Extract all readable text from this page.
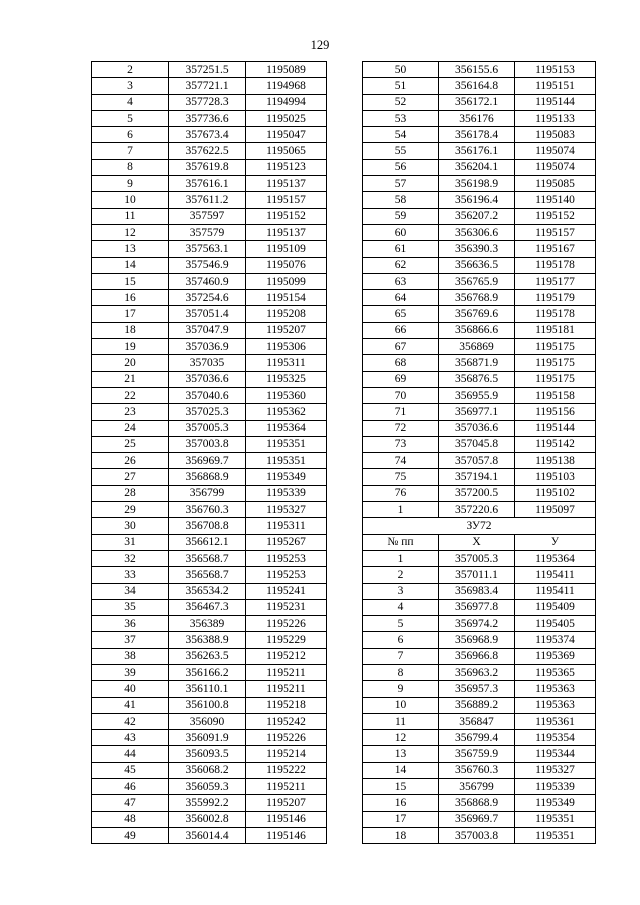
129
2	357251.5	1195089
3	357721.1	1194968
4	357728.3	1194994
5	357736.6	1195025
6	357673.4	1195047
7	357622.5	1195065
8	357619.8	1195123
9	357616.1	1195137
10	357611.2	1195157
11	357597	1195152
12	357579	1195137
13	357563.1	1195109
14	357546.9	1195076
15	357460.9	1195099
16	357254.6	1195154
17	357051.4	1195208
18	357047.9	1195207
19	357036.9	1195306
20	357035	1195311
21	357036.6	1195325
22	357040.6	1195360
23	357025.3	1195362
24	357005.3	1195364
25	357003.8	1195351
26	356969.7	1195351
27	356868.9	1195349
28	356799	1195339
29	356760.3	1195327
30	356708.8	1195311
31	356612.1	1195267
32	356568.7	1195253
33	356568.7	1195253
34	356534.2	1195241
35	356467.3	1195231
36	356389	1195226
37	356388.9	1195229
38	356263.5	1195212
39	356166.2	1195211
40	356110.1	1195211
41	356100.8	1195218
42	356090	1195242
43	356091.9	1195226
44	356093.5	1195214
45	356068.2	1195222
46	356059.3	1195211
47	355992.2	1195207
48	356002.8	1195146
49	356014.4	1195146
50	356155.6	1195153
51	356164.8	1195151
52	356172.1	1195144
53	356176	1195133
54	356178.4	1195083
55	356176.1	1195074
56	356204.1	1195074
57	356198.9	1195085
58	356196.4	1195140
59	356207.2	1195152
60	356306.6	1195157
61	356390.3	1195167
62	356636.5	1195178
63	356765.9	1195177
64	356768.9	1195179
65	356769.6	1195178
66	356866.6	1195181
67	356869	1195175
68	356871.9	1195175
69	356876.5	1195175
70	356955.9	1195158
71	356977.1	1195156
72	357036.6	1195144
73	357045.8	1195142
74	357057.8	1195138
75	357194.1	1195103
76	357200.5	1195102
1	357220.6	1195097
ЗУ72		
№ пп	X	У
1	357005.3	1195364
2	357011.1	1195411
3	356983.4	1195411
4	356977.8	1195409
5	356974.2	1195405
6	356968.9	1195374
7	356966.8	1195369
8	356963.2	1195365
9	356957.3	1195363
10	356889.2	1195363
11	356847	1195361
12	356799.4	1195354
13	356759.9	1195344
14	356760.3	1195327
15	356799	1195339
16	356868.9	1195349
17	356969.7	1195351
18	357003.8	1195351
